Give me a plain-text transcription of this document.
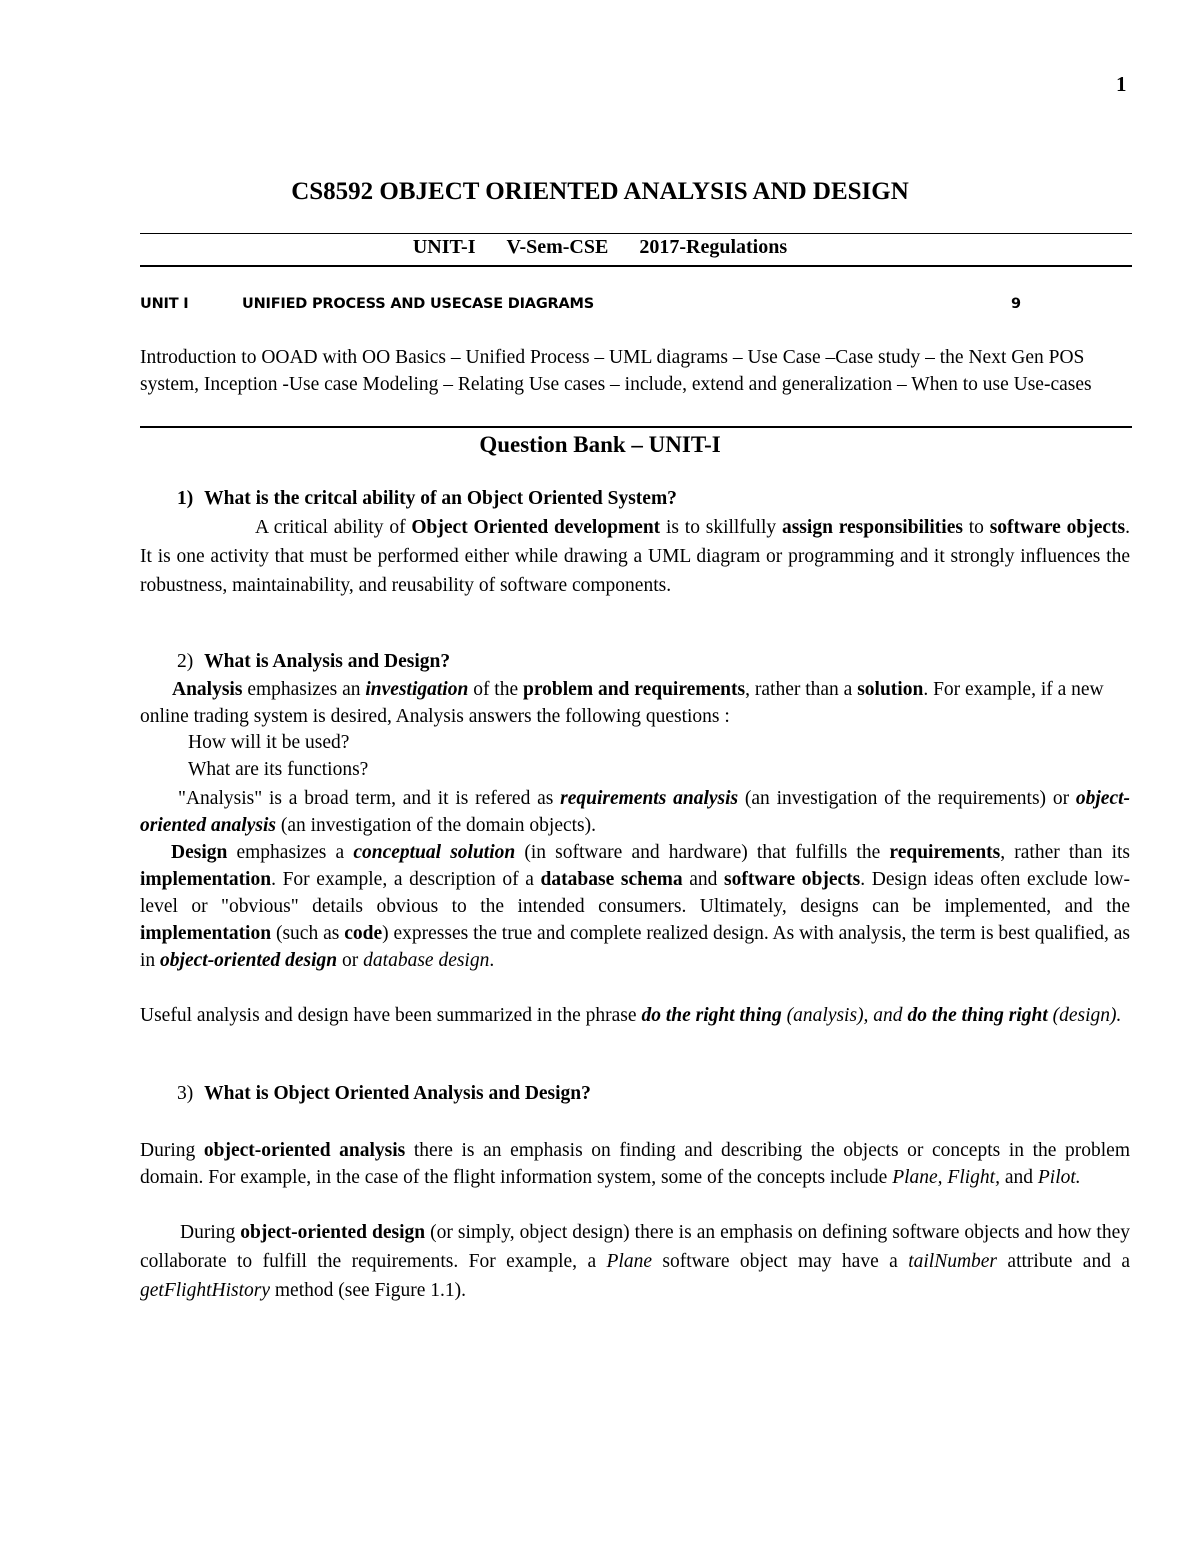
1
CS8592 OBJECT ORIENTED ANALYSIS AND DESIGN
UNIT-I V-Sem-CSE 2017-Regulations
UNIT I	UNIFIED PROCESS AND USECASE DIAGRAMS	9
Introduction to OOAD with OO Basics – Unified Process – UML diagrams – Use Case –Case study – the Next Gen POS system, Inception -Use case Modeling – Relating Use cases – include, extend and generalization – When to use Use-cases
Question Bank – UNIT-I
1) What is the critcal ability of an Object Oriented System?
A critical ability of Object Oriented development is to skillfully assign responsibilities to software objects. It is one activity that must be performed either while drawing a UML diagram or programming and it strongly influences the robustness, maintainability, and reusability of software components.
2) What is Analysis and Design?
Analysis emphasizes an investigation of the problem and requirements, rather than a solution. For example, if a new online trading system is desired, Analysis answers the following questions :
How will it be used?
What are its functions?
"Analysis" is a broad term, and it is refered as requirements analysis (an investigation of the requirements) or object-oriented analysis (an investigation of the domain objects).
Design emphasizes a conceptual solution (in software and hardware) that fulfills the requirements, rather than its implementation. For example, a description of a database schema and software objects. Design ideas often exclude low-level or "obvious" details obvious to the intended consumers. Ultimately, designs can be implemented, and the implementation (such as code) expresses the true and complete realized design. As with analysis, the term is best qualified, as in object-oriented design or database design.
Useful analysis and design have been summarized in the phrase do the right thing (analysis), and do the thing right (design).
3) What is Object Oriented Analysis and Design?
During object-oriented analysis there is an emphasis on finding and describing the objects or concepts in the problem domain. For example, in the case of the flight information system, some of the concepts include Plane, Flight, and Pilot.
During object-oriented design (or simply, object design) there is an emphasis on defining software objects and how they collaborate to fulfill the requirements. For example, a Plane software object may have a tailNumber attribute and a getFlightHistory method (see Figure 1.1).
